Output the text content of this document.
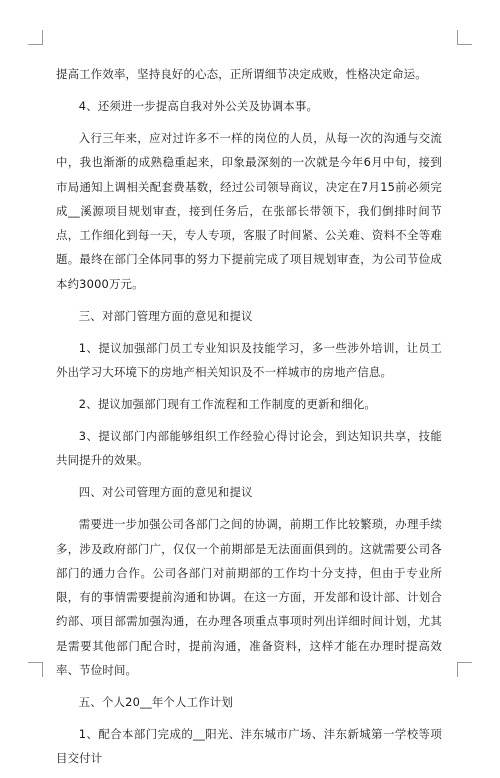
提高工作效率，坚持良好的心态，正所谓细节决定成败，性格决定命运。

4、还须进一步提高自我对外公关及协调本事。

入行三年来，应对过许多不一样的岗位的人员，从每一次的沟通与交流中，我也渐渐的成熟稳重起来，印象最深刻的一次就是今年6月中旬，接到市局通知上调相关配套费基数，经过公司领导商议，决定在7月15前必须完成__溪源项目规划审查，接到任务后，在张部长带领下，我们倒排时间节点，工作细化到每一天，专人专项，客服了时间紧、公关难、资料不全等难题。最终在部门全体同事的努力下提前完成了项目规划审查，为公司节俭成本约3000万元。

三、对部门管理方面的意见和提议

1、提议加强部门员工专业知识及技能学习，多一些涉外培训，让员工外出学习大环境下的房地产相关知识及不一样城市的房地产信息。

2、提议加强部门现有工作流程和工作制度的更新和细化。

3、提议部门内部能够组织工作经验心得讨论会，到达知识共享，技能共同提升的效果。

四、对公司管理方面的意见和提议

需要进一步加强公司各部门之间的协调，前期工作比较繁琐，办理手续多，涉及政府部门广，仅仅一个前期部是无法面面俱到的。这就需要公司各部门的通力合作。公司各部门对前期部的工作均十分支持，但由于专业所限，有的事情需要提前沟通和协调。在这一方面，开发部和设计部、计划合约部、项目部需加强沟通，在办理各项重点事项时列出详细时间计划，尤其是需要其他部门配合时，提前沟通，准备资料，这样才能在办理时提高效率、节俭时间。

五、个人20__年个人工作计划

1、配合本部门完成的__阳光、沣东城市广场、沣东新城第一学校等项目交付计
